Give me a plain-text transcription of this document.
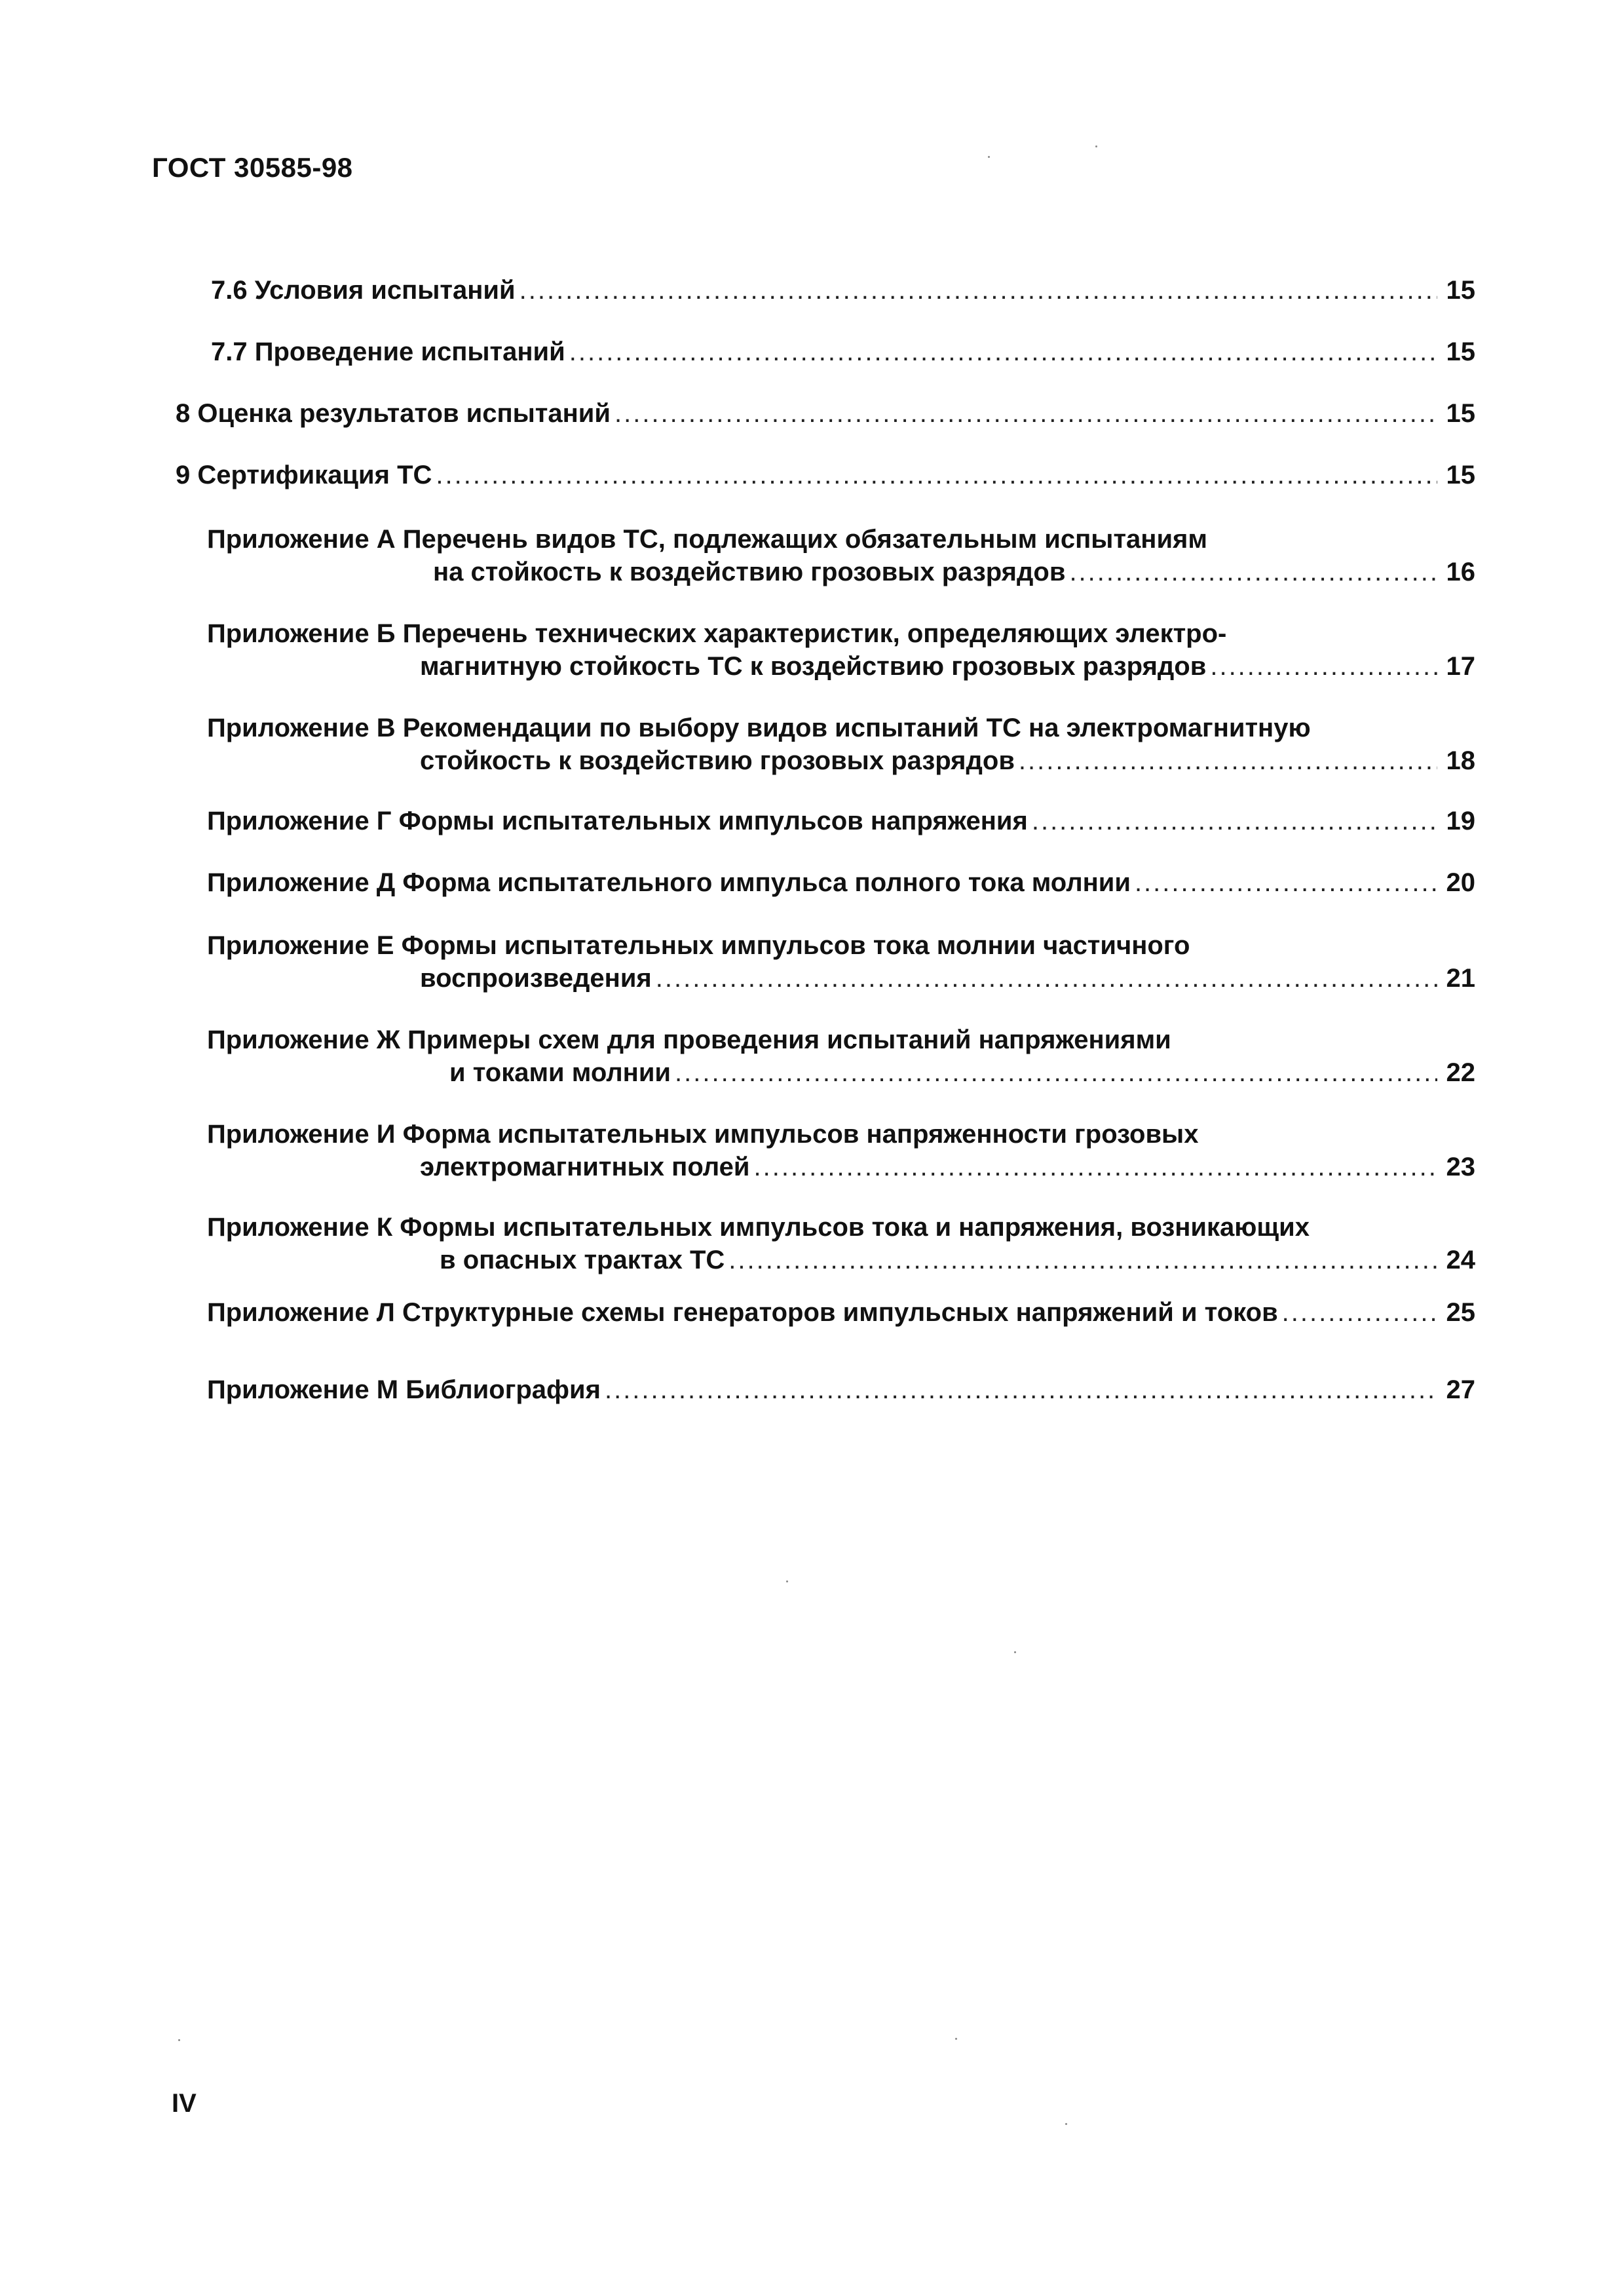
ГОСТ 30585-98
7.6 Условия испытаний .....	15
7.7 Проведение испытаний .....	15
8 Оценка результатов испытаний .....	15
9 Сертификация ТС .....	15
Приложение А Перечень видов ТС, подлежащих обязательным испытаниям
на стойкость к воздействию грозовых разрядов .....	16
Приложение Б Перечень технических характеристик, определяющих электро-
магнитную стойкость ТС к воздействию грозовых разрядов .....	17
Приложение В Рекомендации по выбору видов испытаний ТС на электромагнитную
стойкость к воздействию грозовых разрядов .....	18
Приложение Г Формы испытательных импульсов напряжения .....	19
Приложение Д Форма испытательного импульса полного тока молнии .....	20
Приложение Е Формы испытательных импульсов тока молнии частичного
воспроизведения .....	21
Приложение Ж Примеры схем для проведения испытаний напряжениями
и токами молнии .....	22
Приложение И Форма испытательных импульсов напряженности грозовых
электромагнитных полей .....	23
Приложение К Формы испытательных импульсов тока и напряжения, возникающих
в опасных трактах ТС .....	24
Приложение Л Структурные схемы генераторов импульсных напряжений и токов .....	25
Приложение М Библиография .....	27
IV
